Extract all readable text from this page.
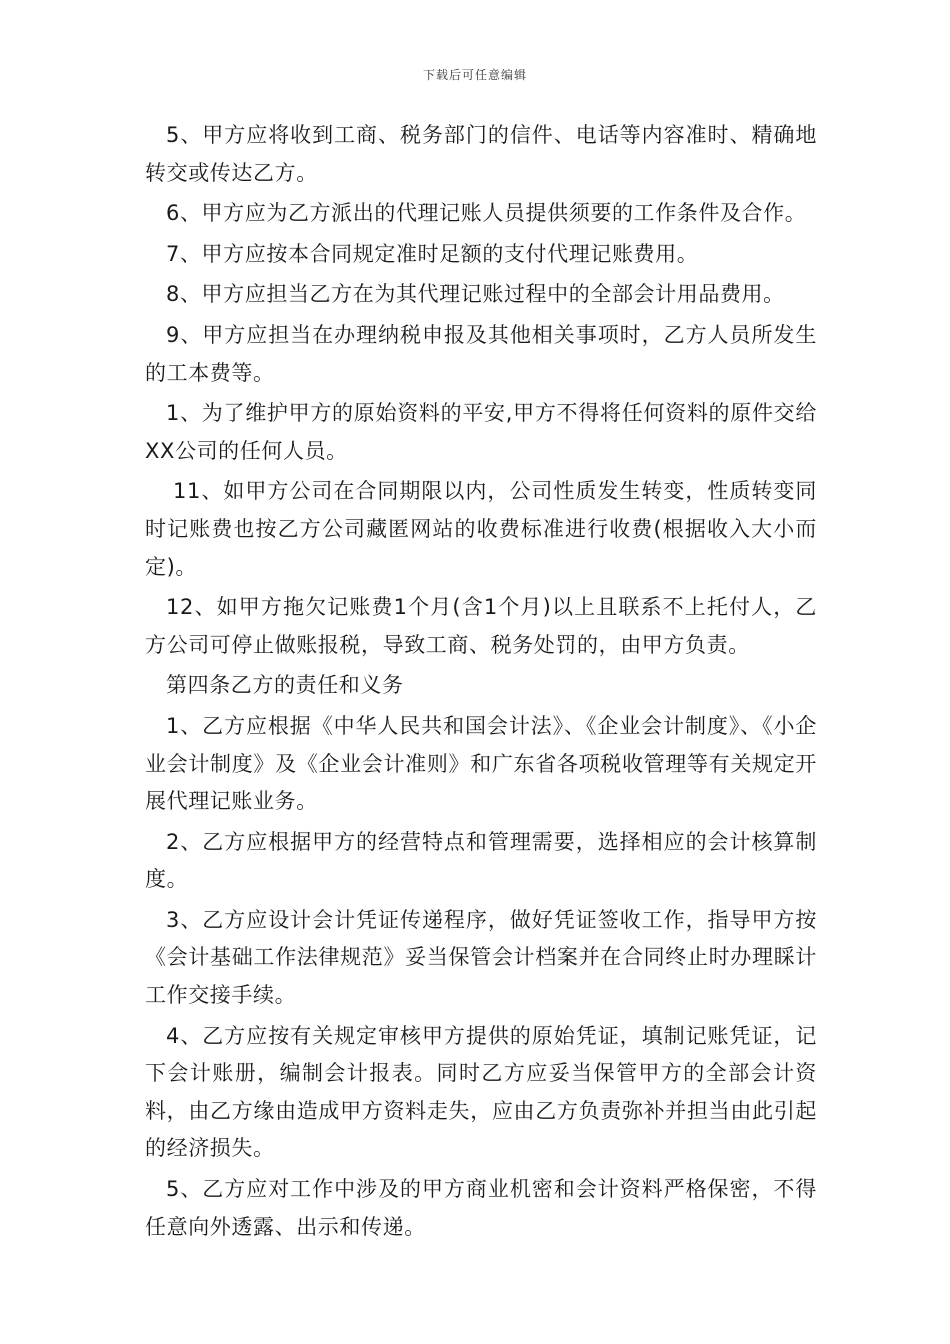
下载后可任意编辑

5、甲方应将收到工商、税务部门的信件、电话等内容准时、精确地转交或传达乙方。

6、甲方应为乙方派出的代理记账人员提供须要的工作条件及合作。

7、甲方应按本合同规定准时足额的支付代理记账费用。

8、甲方应担当乙方在为其代理记账过程中的全部会计用品费用。

9、甲方应担当在办理纳税申报及其他相关事项时，乙方人员所发生的工本费等。

1、为了维护甲方的原始资料的平安,甲方不得将任何资料的原件交给XX公司的任何人员。

11、如甲方公司在合同期限以内，公司性质发生转变，性质转变同时记账费也按乙方公司藏匿网站的收费标准进行收费(根据收入大小而定)。

12、如甲方拖欠记账费1个月(含1个月)以上且联系不上托付人，乙方公司可停止做账报税，导致工商、税务处罚的，由甲方负责。

第四条乙方的责任和义务

1、乙方应根据《中华人民共和国会计法》、《企业会计制度》、《小企业会计制度》及《企业会计准则》和广东省各项税收管理等有关规定开展代理记账业务。

2、乙方应根据甲方的经营特点和管理需要，选择相应的会计核算制度。

3、乙方应设计会计凭证传递程序，做好凭证签收工作，指导甲方按《会计基础工作法律规范》妥当保管会计档案并在合同终止时办理睬计工作交接手续。

4、乙方应按有关规定审核甲方提供的原始凭证，填制记账凭证，记下会计账册，编制会计报表。同时乙方应妥当保管甲方的全部会计资料，由乙方缘由造成甲方资料走失，应由乙方负责弥补并担当由此引起的经济损失。

5、乙方应对工作中涉及的甲方商业机密和会计资料严格保密，不得任意向外透露、出示和传递。
